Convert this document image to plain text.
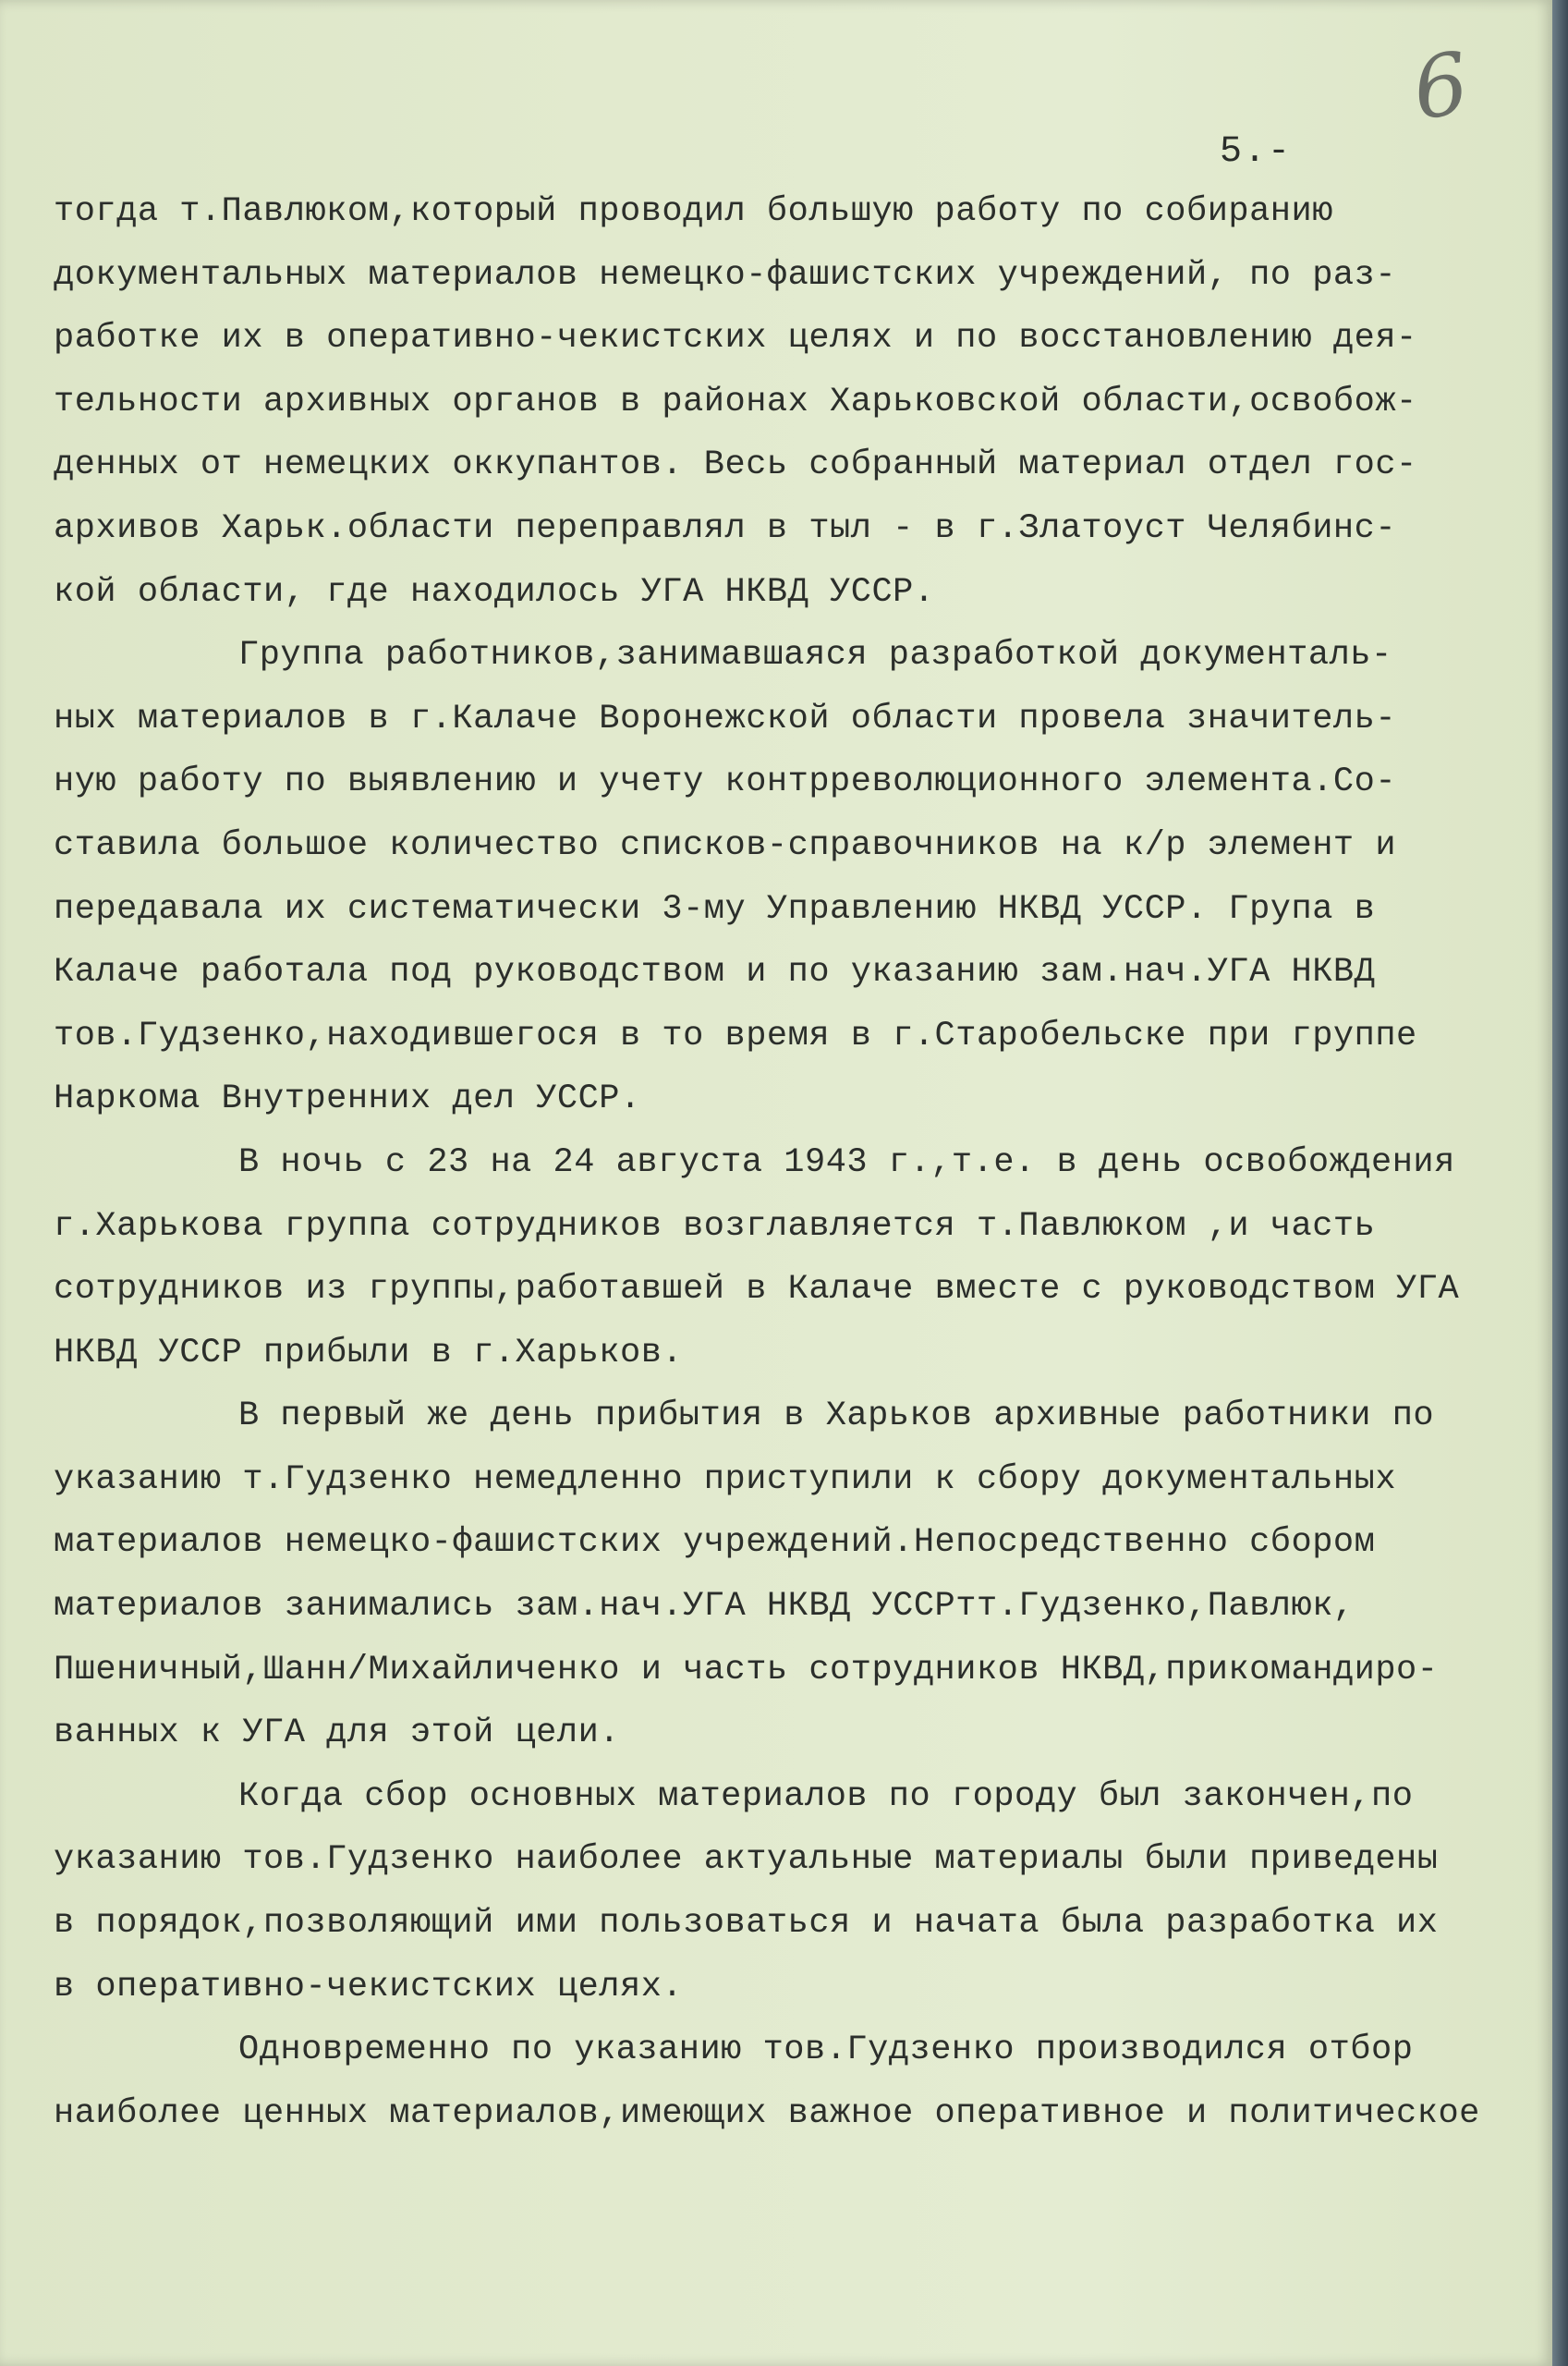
6
5.-
тогда т.Павлюком,который проводил большую работу по собиранию
документальных материалов немецко-фашистских учреждений, по раз-
работке их в оперативно-чекистских целях и по восстановлению дея-
тельности архивных органов в районах Харьковской области,освобож-
денных от немецких оккупантов. Весь собранный материал отдел гос-
архивов Харьк.области переправлял в тыл - в г.Златоуст Челябинс-
кой области, где находилось УГА НКВД УССР.
Группа работников,занимавшаяся разработкой документаль-
ных материалов в г.Калаче Воронежской области провела значитель-
ную работу по выявлению и учету контрреволюционного элемента.Со-
ставила большое количество списков-справочников на к/р элемент и
передавала их систематически 3-му Управлению НКВД УССР. Група в
Калаче работала под руководством и по указанию зам.нач.УГА НКВД
тов.Гудзенко,находившегося в то время в г.Старобельске при группе
Наркома Внутренних дел УССР.
В ночь с 23 на 24 августа 1943 г.,т.е. в день освобождения
г.Харькова группа сотрудников возглавляется т.Павлюком ,и часть
сотрудников из группы,работавшей в Калаче вместе с руководством УГА
НКВД УССР прибыли в г.Харьков.
В первый же день прибытия в Харьков архивные работники по
указанию т.Гудзенко немедленно приступили к сбору документальных
материалов немецко-фашистских учреждений.Непосредственно сбором
материалов занимались зам.нач.УГА НКВД УССРтт.Гудзенко,Павлюк,
Пшеничный,Шанн/Михайличенко и часть сотрудников НКВД,прикомандиро-
ванных к УГА для этой цели.
Когда сбор основных материалов по городу был закончен,по
указанию тов.Гудзенко наиболее актуальные материалы были приведены
в порядок,позволяющий ими пользоваться и начата была разработка их
в оперативно-чекистских целях.
Одновременно по указанию тов.Гудзенко производился отбор
наиболее ценных материалов,имеющих важное оперативное и политическое
